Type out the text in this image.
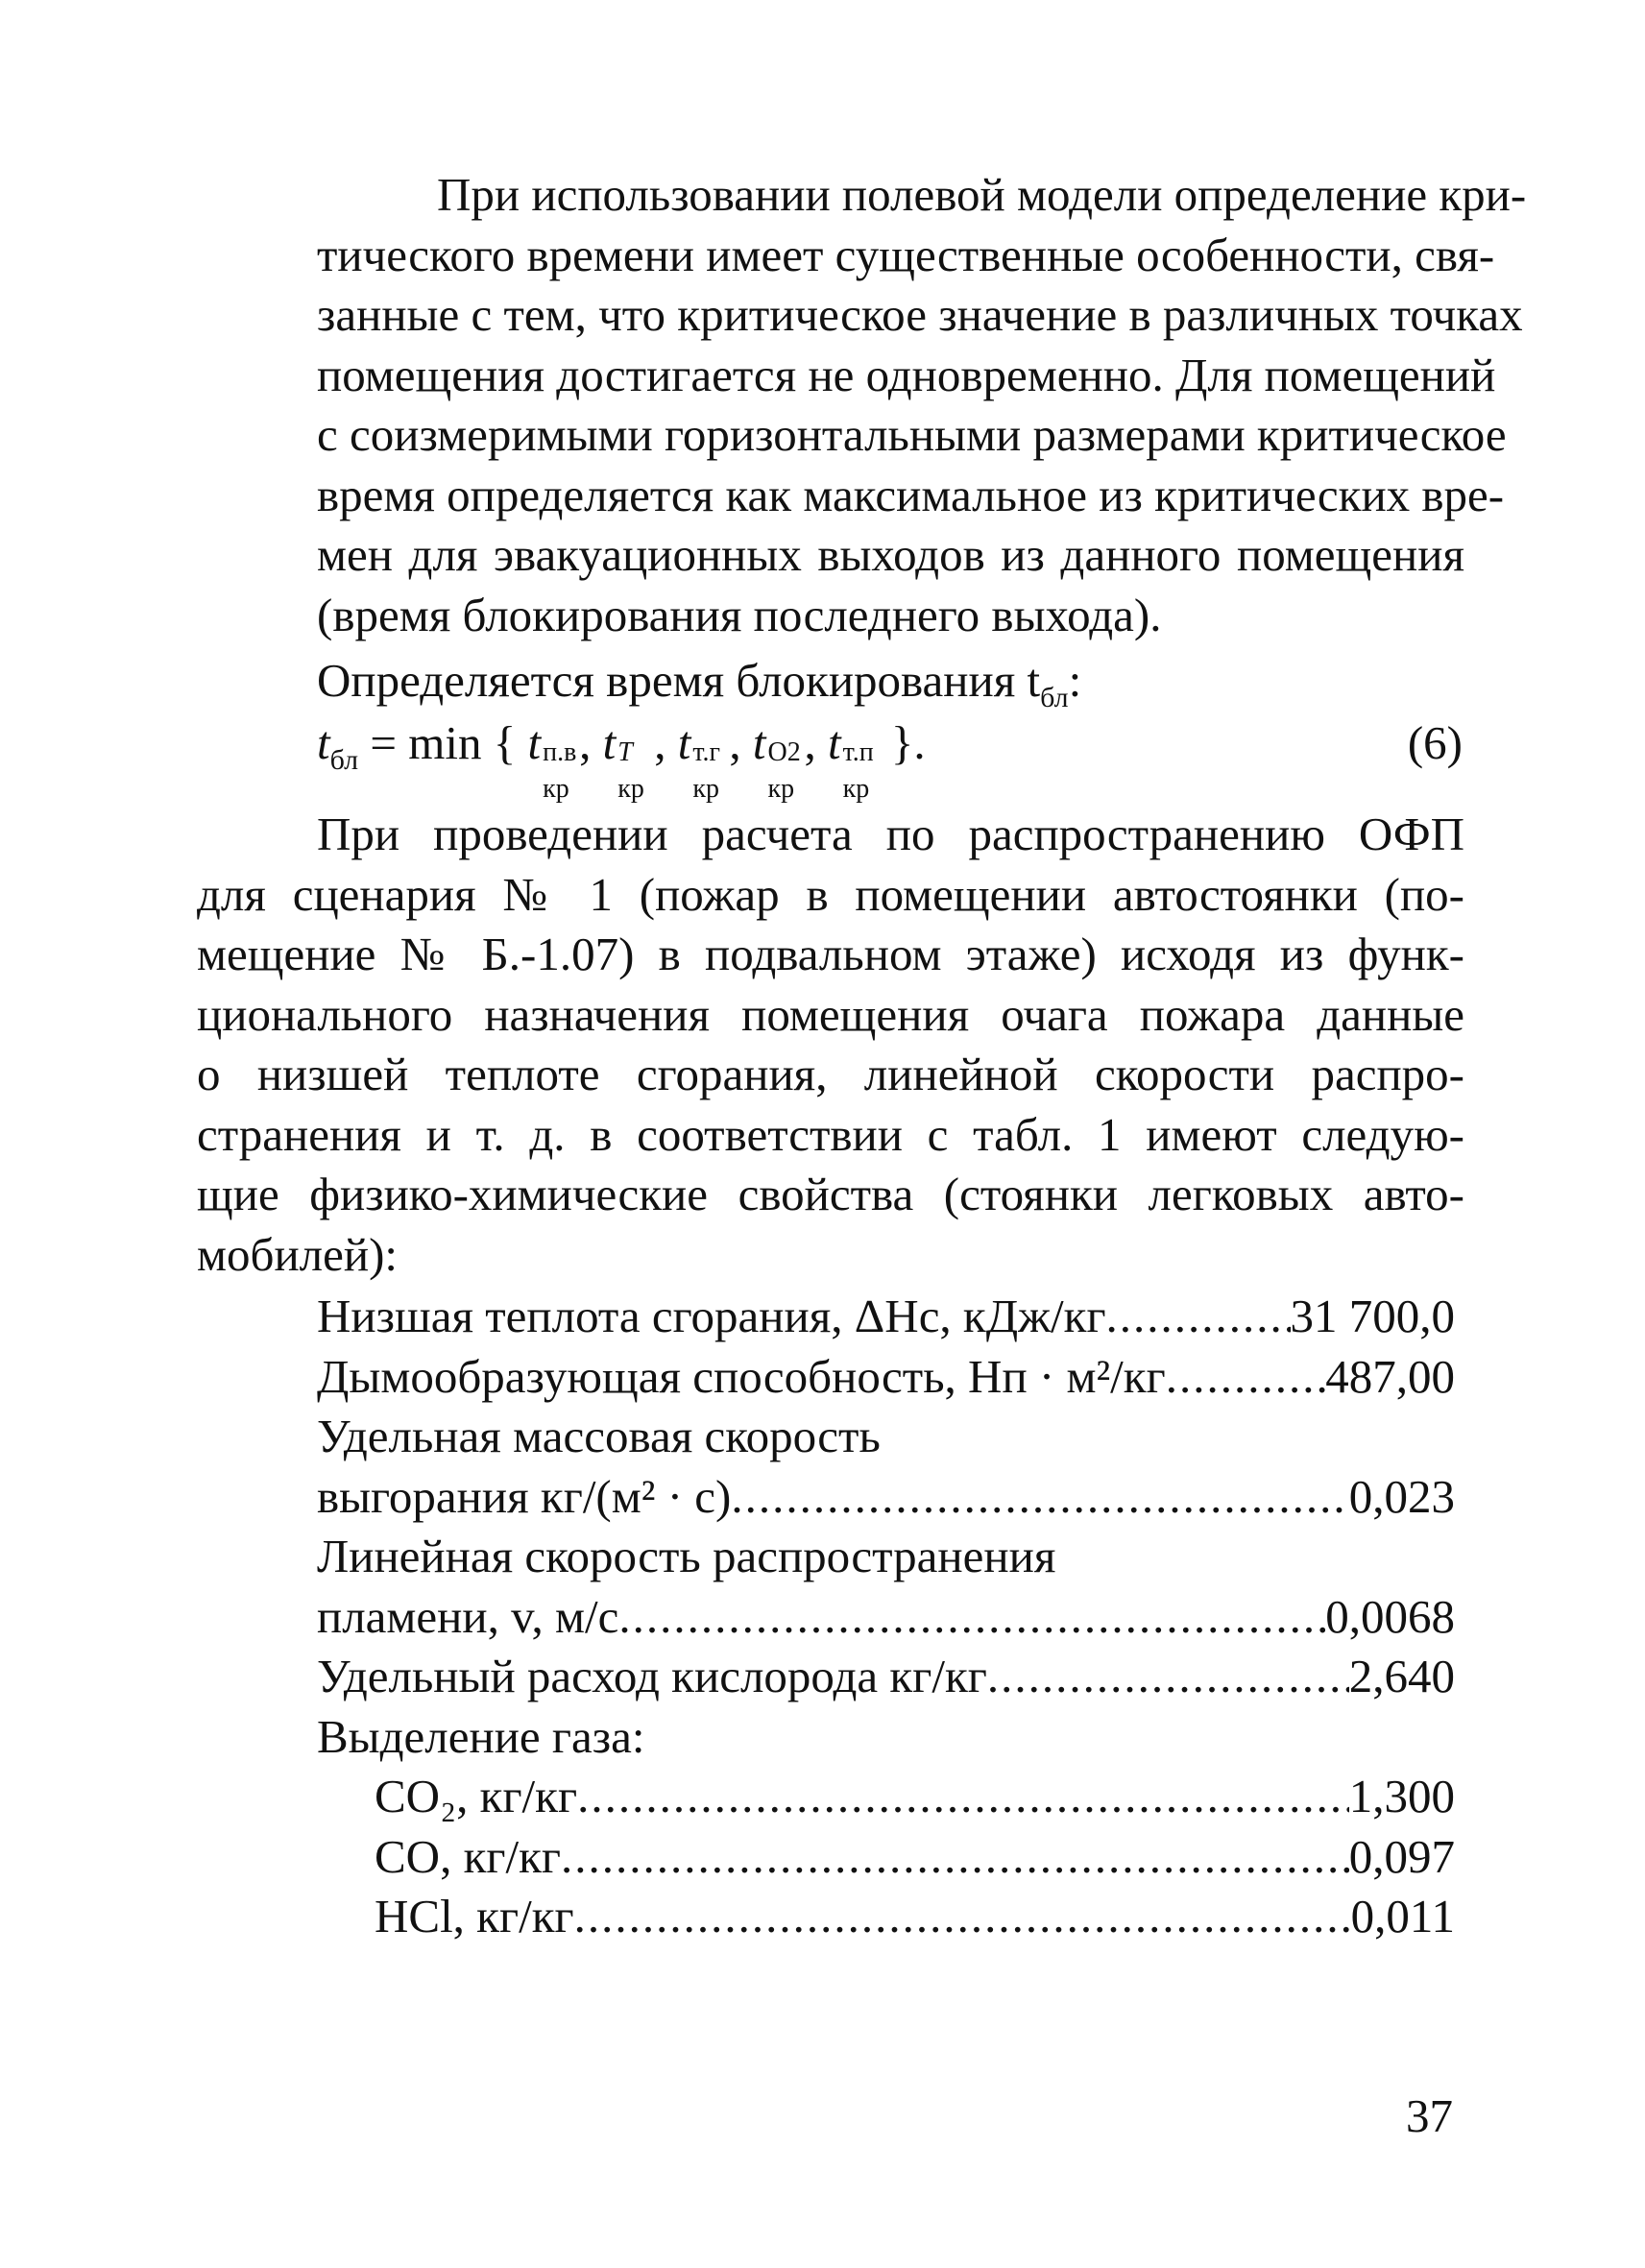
При использовании полевой модели определение кри-
тического времени имеет существенные особенности, свя-
занные с тем, что критическое значение в различных точках
помещения достигается не одновременно. Для помещений
с соизмеримыми горизонтальными размерами критическое
время определяется как максимальное из критических вре-
мен для эвакуационных выходов из данного помещения
(время блокирования последнего выхода).
Определяется время блокирования $t_{бл}$:
$t_{бл} = \min$ { t п.в
кр
, t T
кр
, t т.г
кр
, t O2
кр
, t т.п
кр
}.	(6)
При проведении расчета по распространению ОФП
для сценария № 1 (пожар в помещении автостоянки (по-
мещение № Б.-1.07) в подвальном этаже) исходя из функ-
ционального назначения помещения очага пожара данные
о низшей теплоте сгорания, линейной скорости распро-
странения и т. д. в соответствии с табл. 1 имеют следую-
щие физико-химические свойства (стоянки легковых авто-
мобилей):
Низшая теплота сгорания, ΔHc, кДж/кг .....	31 700,0
Дымообразующая способность, Нп · м²/кг .....	487,00
Удельная массовая скорость
выгорания кг/(м² · с) .....	0,023
Линейная скорость распространения
пламени, v, м/с .....	0,0068
Удельный расход кислорода кг/кг .....	2,640
Выделение газа:
CO₂, кг/кг .....	1,300
CO, кг/кг .....	0,097
HCl, кг/кг .....	0,011
37
